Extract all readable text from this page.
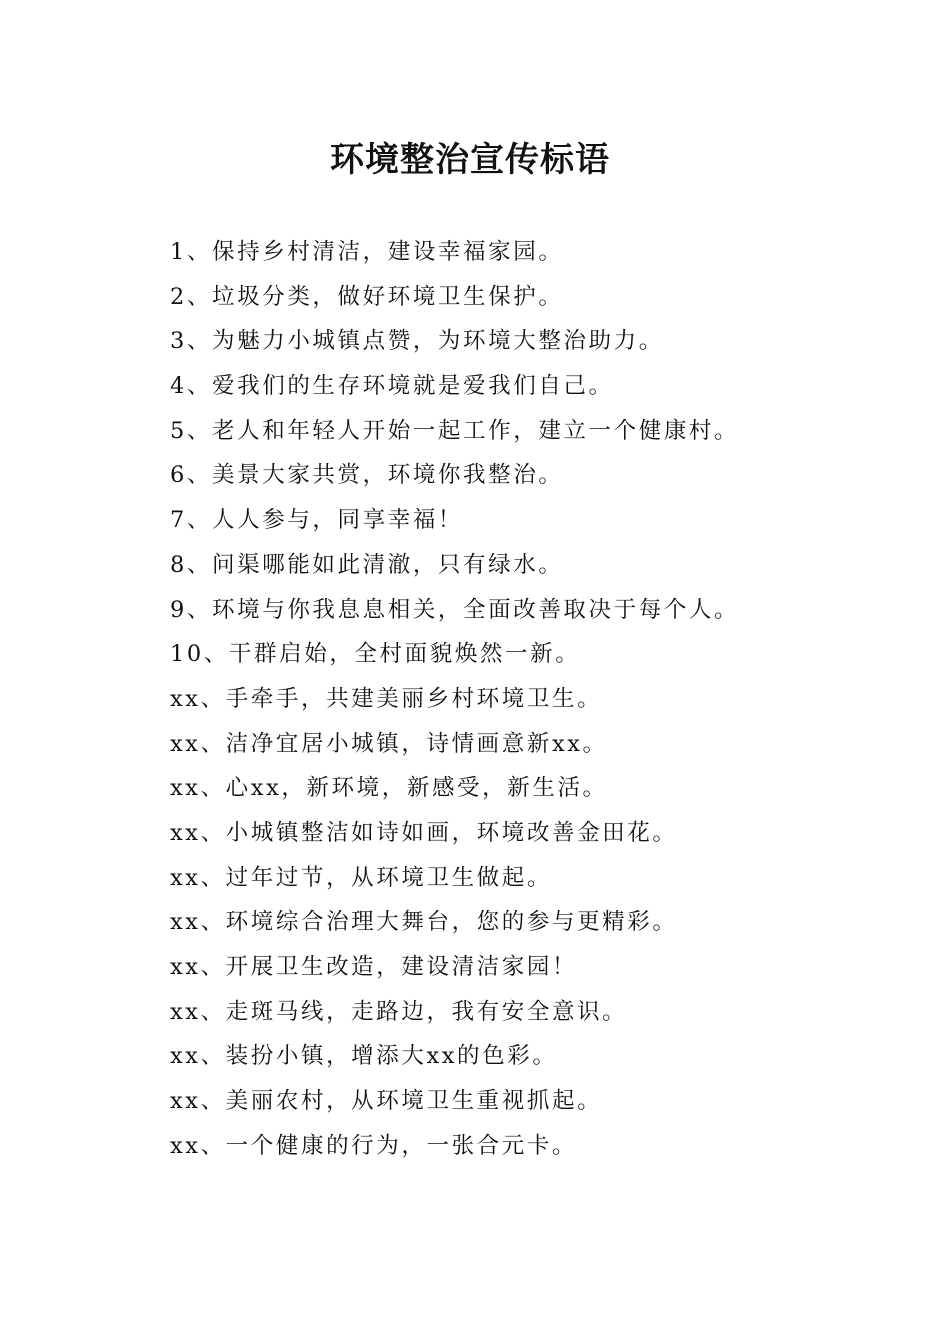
环境整治宣传标语
1、保持乡村清洁，建设幸福家园。
2、垃圾分类，做好环境卫生保护。
3、为魅力小城镇点赞，为环境大整治助力。
4、爱我们的生存环境就是爱我们自己。
5、老人和年轻人开始一起工作，建立一个健康村。
6、美景大家共赏，环境你我整治。
7、人人参与，同享幸福！
8、问渠哪能如此清澈，只有绿水。
9、环境与你我息息相关，全面改善取决于每个人。
10、干群启始，全村面貌焕然一新。
xx、手牵手，共建美丽乡村环境卫生。
xx、洁净宜居小城镇，诗情画意新xx。
xx、心xx，新环境，新感受，新生活。
xx、小城镇整洁如诗如画，环境改善金田花。
xx、过年过节，从环境卫生做起。
xx、环境综合治理大舞台，您的参与更精彩。
xx、开展卫生改造，建设清洁家园！
xx、走斑马线，走路边，我有安全意识。
xx、装扮小镇，增添大xx的色彩。
xx、美丽农村，从环境卫生重视抓起。
xx、一个健康的行为，一张合元卡。
